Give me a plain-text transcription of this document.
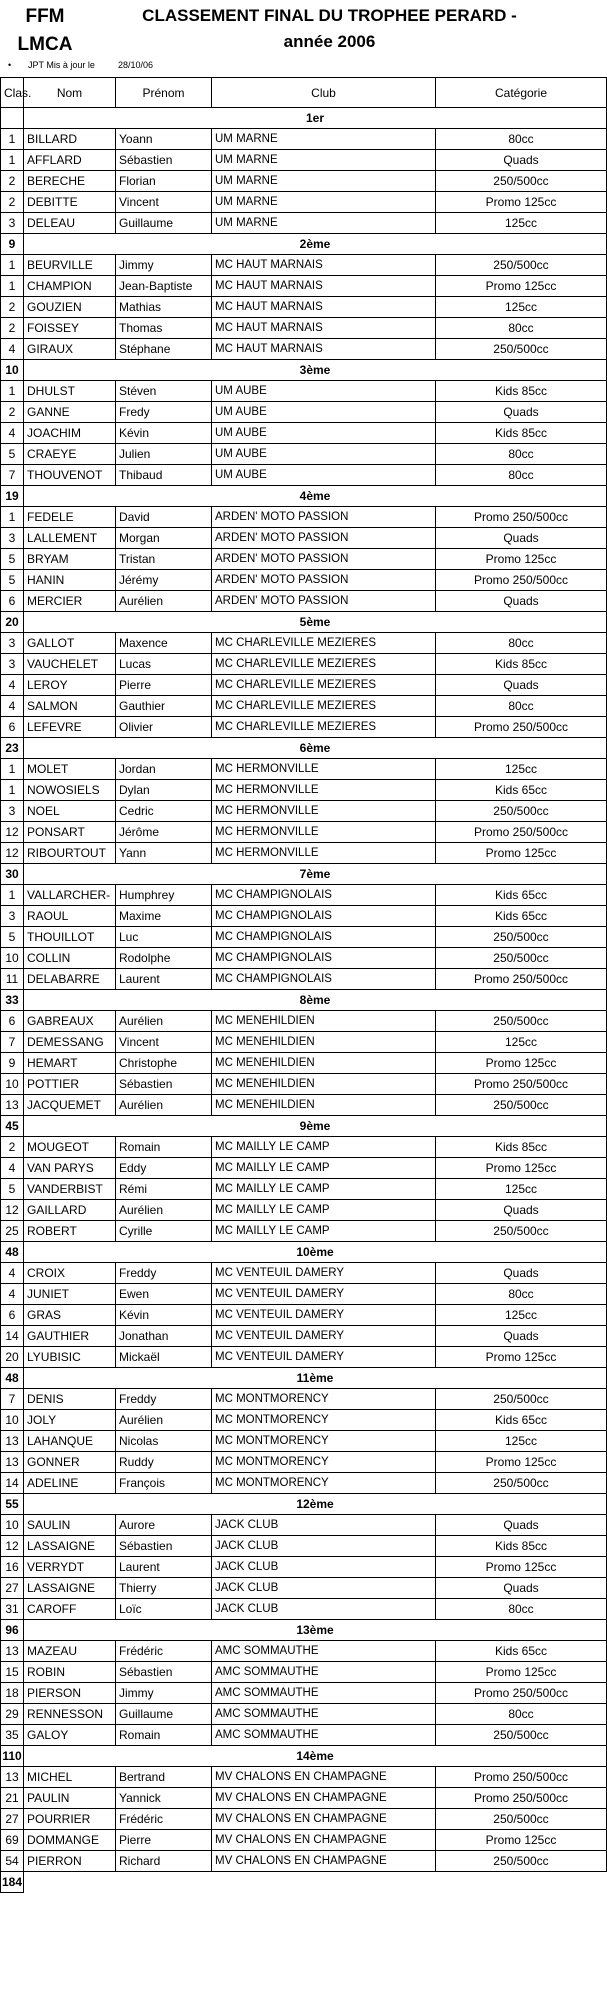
FFM
LMCA
CLASSEMENT FINAL DU TROPHEE PERARD -
année 2006
• JPT Mis à jour le	28/10/06
Clas.	Nom	Prénom	Club	Catégorie
	1er			
1	BILLARD	Yoann	UM MARNE	80cc
1	AFFLARD	Sébastien	UM MARNE	Quads
2	BERECHE	Florian	UM MARNE	250/500cc
2	DEBITTE	Vincent	UM MARNE	Promo 125cc
3	DELEAU	Guillaume	UM MARNE	125cc
9	2ème			
1	BEURVILLE	Jimmy	MC HAUT MARNAIS	250/500cc
1	CHAMPION	Jean-Baptiste	MC HAUT MARNAIS	Promo 125cc
2	GOUZIEN	Mathias	MC HAUT MARNAIS	125cc
2	FOISSEY	Thomas	MC HAUT MARNAIS	80cc
4	GIRAUX	Stéphane	MC HAUT MARNAIS	250/500cc
10	3ème			
1	DHULST	Stéven	UM AUBE	Kids 85cc
2	GANNE	Fredy	UM AUBE	Quads
4	JOACHIM	Kévin	UM AUBE	Kids 85cc
5	CRAEYE	Julien	UM AUBE	80cc
7	THOUVENOT	Thibaud	UM AUBE	80cc
19	4ème			
1	FEDELE	David	ARDEN' MOTO PASSION	Promo 250/500cc
3	LALLEMENT	Morgan	ARDEN' MOTO PASSION	Quads
5	BRYAM	Tristan	ARDEN' MOTO PASSION	Promo 125cc
5	HANIN	Jérémy	ARDEN' MOTO PASSION	Promo 250/500cc
6	MERCIER	Aurélien	ARDEN' MOTO PASSION	Quads
20	5ème			
3	GALLOT	Maxence	MC CHARLEVILLE MEZIERES	80cc
3	VAUCHELET	Lucas	MC CHARLEVILLE MEZIERES	Kids 85cc
4	LEROY	Pierre	MC CHARLEVILLE MEZIERES	Quads
4	SALMON	Gauthier	MC CHARLEVILLE MEZIERES	80cc
6	LEFEVRE	Olivier	MC CHARLEVILLE MEZIERES	Promo 250/500cc
23	6ème			
1	MOLET	Jordan	MC HERMONVILLE	125cc
1	NOWOSIELS	Dylan	MC HERMONVILLE	Kids 65cc
3	NOEL	Cedric	MC HERMONVILLE	250/500cc
12	PONSART	Jérôme	MC HERMONVILLE	Promo 250/500cc
12	RIBOURTOUT	Yann	MC HERMONVILLE	Promo 125cc
30	7ème			
1	VALLARCHER-	Humphrey	MC CHAMPIGNOLAIS	Kids 65cc
3	RAOUL	Maxime	MC CHAMPIGNOLAIS	Kids 65cc
5	THOUILLOT	Luc	MC CHAMPIGNOLAIS	250/500cc
10	COLLIN	Rodolphe	MC CHAMPIGNOLAIS	250/500cc
11	DELABARRE	Laurent	MC CHAMPIGNOLAIS	Promo 250/500cc
33	8ème			
6	GABREAUX	Aurélien	MC MENEHILDIEN	250/500cc
7	DEMESSANG	Vincent	MC MENEHILDIEN	125cc
9	HEMART	Christophe	MC MENEHILDIEN	Promo 125cc
10	POTTIER	Sébastien	MC MENEHILDIEN	Promo 250/500cc
13	JACQUEMET	Aurélien	MC MENEHILDIEN	250/500cc
45	9ème			
2	MOUGEOT	Romain	MC MAILLY LE CAMP	Kids 85cc
4	VAN PARYS	Eddy	MC MAILLY LE CAMP	Promo 125cc
5	VANDERBIST	Rémi	MC MAILLY LE CAMP	125cc
12	GAILLARD	Aurélien	MC MAILLY LE CAMP	Quads
25	ROBERT	Cyrille	MC MAILLY LE CAMP	250/500cc
48	10ème			
4	CROIX	Freddy	MC VENTEUIL DAMERY	Quads
4	JUNIET	Ewen	MC VENTEUIL DAMERY	80cc
6	GRAS	Kévin	MC VENTEUIL DAMERY	125cc
14	GAUTHIER	Jonathan	MC VENTEUIL DAMERY	Quads
20	LYUBISIC	Mickaël	MC VENTEUIL DAMERY	Promo 125cc
48	11ème			
7	DENIS	Freddy	MC MONTMORENCY	250/500cc
10	JOLY	Aurélien	MC MONTMORENCY	Kids 65cc
13	LAHANQUE	Nicolas	MC MONTMORENCY	125cc
13	GONNER	Ruddy	MC MONTMORENCY	Promo 125cc
14	ADELINE	François	MC MONTMORENCY	250/500cc
55	12ème			
10	SAULIN	Aurore	JACK CLUB	Quads
12	LASSAIGNE	Sébastien	JACK CLUB	Kids 85cc
16	VERRYDT	Laurent	JACK CLUB	Promo 125cc
27	LASSAIGNE	Thierry	JACK CLUB	Quads
31	CAROFF	Loïc	JACK CLUB	80cc
96	13ème			
13	MAZEAU	Frédéric	AMC SOMMAUTHE	Kids 65cc
15	ROBIN	Sébastien	AMC SOMMAUTHE	Promo 125cc
18	PIERSON	Jimmy	AMC SOMMAUTHE	Promo 250/500cc
29	RENNESSON	Guillaume	AMC SOMMAUTHE	80cc
35	GALOY	Romain	AMC SOMMAUTHE	250/500cc
110	14ème			
13	MICHEL	Bertrand	MV CHALONS EN CHAMPAGNE	Promo 250/500cc
21	PAULIN	Yannick	MV CHALONS EN CHAMPAGNE	Promo 250/500cc
27	POURRIER	Frédéric	MV CHALONS EN CHAMPAGNE	250/500cc
69	DOMMANGE	Pierre	MV CHALONS EN CHAMPAGNE	Promo 125cc
54	PIERRON	Richard	MV CHALONS EN CHAMPAGNE	250/500cc
184				
